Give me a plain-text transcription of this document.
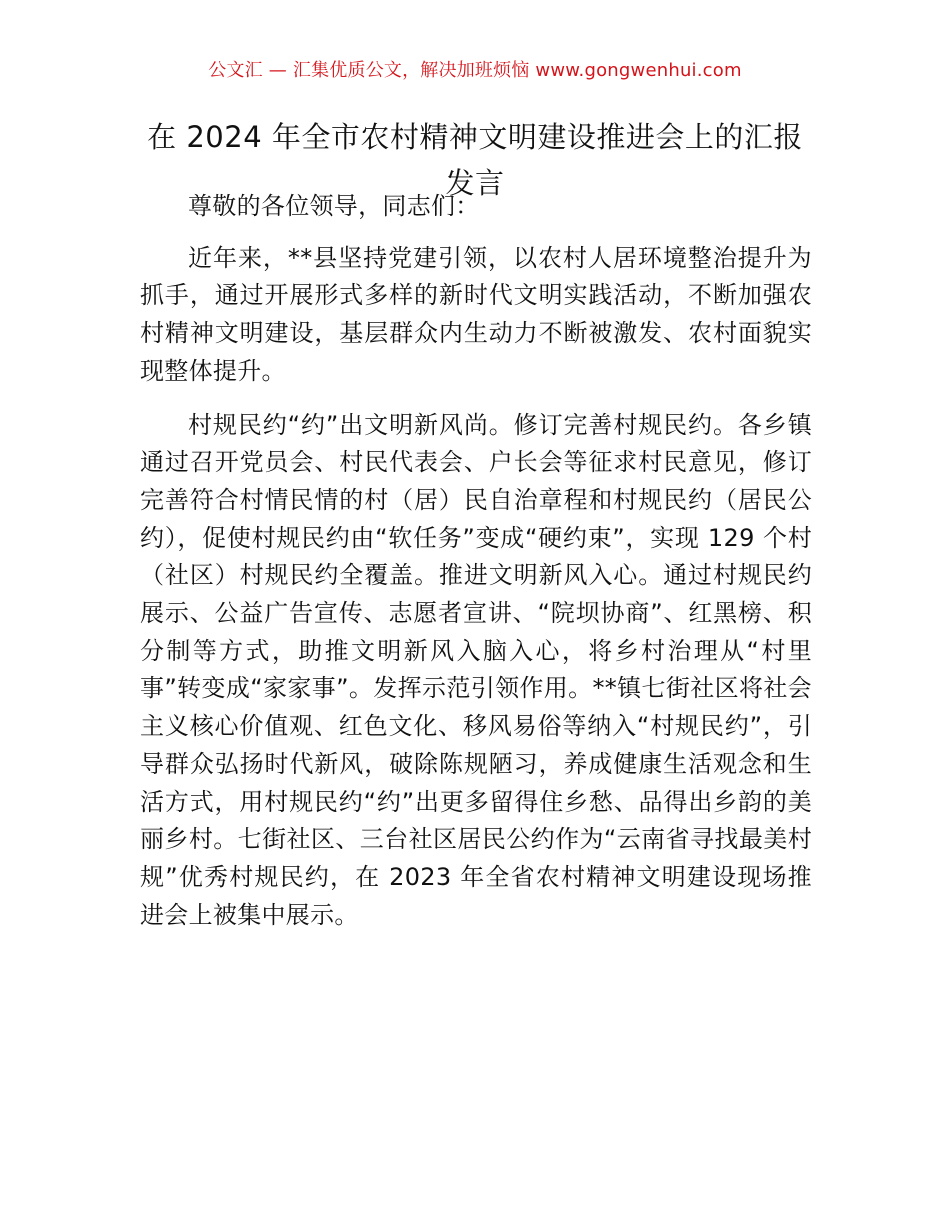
公文汇 — 汇集优质公文，解决加班烦恼 www.gongwenhui.com
在 2024 年全市农村精神文明建设推进会上的汇报发言

尊敬的各位领导，同志们：

近年来，**县坚持党建引领，以农村人居环境整治提升为抓手，通过开展形式多样的新时代文明实践活动，不断加强农村精神文明建设，基层群众内生动力不断被激发、农村面貌实现整体提升。

村规民约“约”出文明新风尚。修订完善村规民约。各乡镇通过召开党员会、村民代表会、户长会等征求村民意见，修订完善符合村情民情的村（居）民自治章程和村规民约（居民公约），促使村规民约由“软任务”变成“硬约束”，实现 129 个村（社区）村规民约全覆盖。推进文明新风入心。通过村规民约展示、公益广告宣传、志愿者宣讲、“院坝协商”、红黑榜、积分制等方式，助推文明新风入脑入心，将乡村治理从“村里事”转变成“家家事”。发挥示范引领作用。**镇七街社区将社会主义核心价值观、红色文化、移风易俗等纳入“村规民约”，引导群众弘扬时代新风，破除陈规陋习，养成健康生活观念和生活方式，用村规民约“约”出更多留得住乡愁、品得出乡韵的美丽乡村。七街社区、三台社区居民公约作为“云南省寻找最美村规”优秀村规民约，在 2023 年全省农村精神文明建设现场推进会上被集中展示。
